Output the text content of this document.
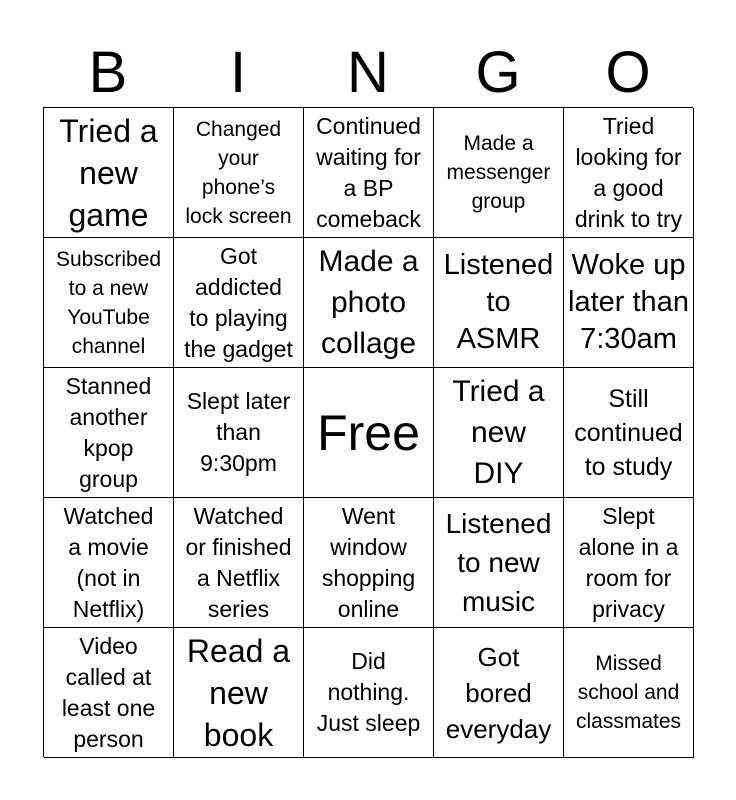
B	I	N	G	O
Tried a
new
game
Changed
your
phone’s
lock screen
Continued
waiting for
a BP
comeback
Made a
messenger
group
Tried
looking for
a good
drink to try
Subscribed
to a new
YouTube
channel
Got
addicted
to playing
the gadget
Made a
photo
collage
Listened
to
ASMR
Woke up
later than
7:30am
Stanned
another
kpop
group
Slept later
than
9:30pm
Free
Tried a
new
DIY
Still
continued
to study
Watched
a movie
(not in
Netflix)
Watched
or finished
a Netflix
series
Went
window
shopping
online
Listened
to new
music
Slept
alone in a
room for
privacy
Video
called at
least one
person
Read a
new
book
Did
nothing.
Just sleep
Got
bored
everyday
Missed
school and
classmates
